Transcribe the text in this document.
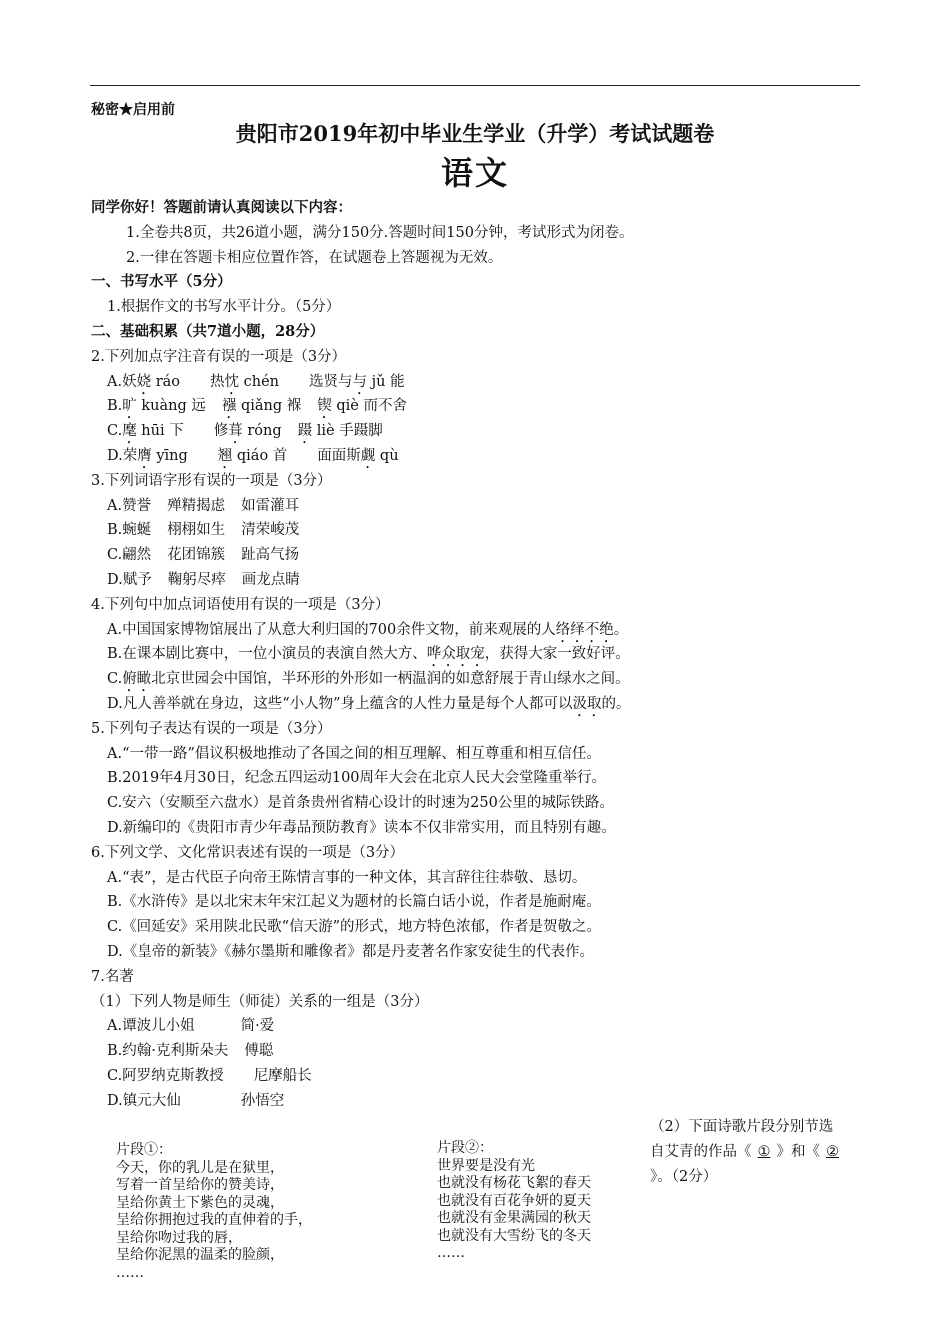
秘密★启用前
贵阳市2019年初中毕业生学业（升学）考试试题卷
语文
同学你好！答题前请认真阅读以下内容：
1.全卷共8页，共26道小题，满分150分.答题时间150分钟，考试形式为闭卷。
2.一律在答题卡相应位置作答，在试题卷上答题视为无效。
一、书写水平（5分）
1.根据作文的书写水平计分。（5分）
二、基础积累（共7道小题，28分）
2.下列加点字注音有误的一项是（3分）
A.妖娆 ráo 热忱 chén 选贤与与 jǔ 能
B.旷 kuàng 远 襁 qiǎng 褓 锲 qiè 而不舍
C.麾 hūi 下 修葺 róng 蹑 liè 手蹑脚
D.荣膺 yīng 翘 qiáo 首 面面斯觑 qù
3.下列词语字形有误的一项是（3分）
A.赞誉 殚精揭虑 如雷灌耳
B.蜿蜒 栩栩如生 清荣峻茂
C.翩然 花团锦簇 趾高气扬
D.赋予 鞠躬尽瘁 画龙点睛
4.下列句中加点词语使用有误的一项是（3分）
A.中国国家博物馆展出了从意大利归国的700余件文物，前来观展的人络绎不绝。
B.在课本剧比赛中，一位小演员的表演自然大方、哗众取宠，获得大家一致好评。
C.俯瞰北京世园会中国馆，半环形的外形如一柄温润的如意舒展于青山绿水之间。
D.凡人善举就在身边，这些“小人物”身上蕴含的人性力量是每个人都可以汲取的。
5.下列句子表达有误的一项是（3分）
A.“一带一路”倡议积极地推动了各国之间的相互理解、相互尊重和相互信任。
B.2019年4月30日，纪念五四运动100周年大会在北京人民大会堂隆重举行。
C.安六（安顺至六盘水）是首条贵州省精心设计的时速为250公里的城际铁路。
D.新编印的《贵阳市青少年毒品预防教育》读本不仅非常实用，而且特别有趣。
6.下列文学、文化常识表述有误的一项是（3分）
A.“表”，是古代臣子向帝王陈情言事的一种文体，其言辞往往恭敬、恳切。
B.《水浒传》是以北宋末年宋江起义为题材的长篇白话小说，作者是施耐庵。
C.《回延安》采用陕北民歌“信天游”的形式，地方特色浓郁，作者是贺敬之。
D.《皇帝的新装》《赫尔墨斯和雕像者》都是丹麦著名作家安徒生的代表作。
7.名著
（1）下列人物是师生（师徒）关系的一组是（3分）
A.谭波儿小姐	简·爱
B.约翰·克利斯朵夫 傅聪
C.阿罗纳克斯教授 尼摩船长
D.镇元大仙	孙悟空
（2）下面诗歌片段分别节选
自艾青的作品《 ① 》和《 ②
》。（2分）
片段①：
今天，你的乳儿是在狱里，
写着一首呈给你的赞美诗，
呈给你黄土下紫色的灵魂，
呈给你拥抱过我的直伸着的手，
呈给你吻过我的唇，
呈给你泥黑的温柔的脸颜，
……
片段②：
世界要是没有光
也就没有杨花飞絮的春天
也就没有百花争妍的夏天
也就没有金果满园的秋天
也就没有大雪纷飞的冬天
……
